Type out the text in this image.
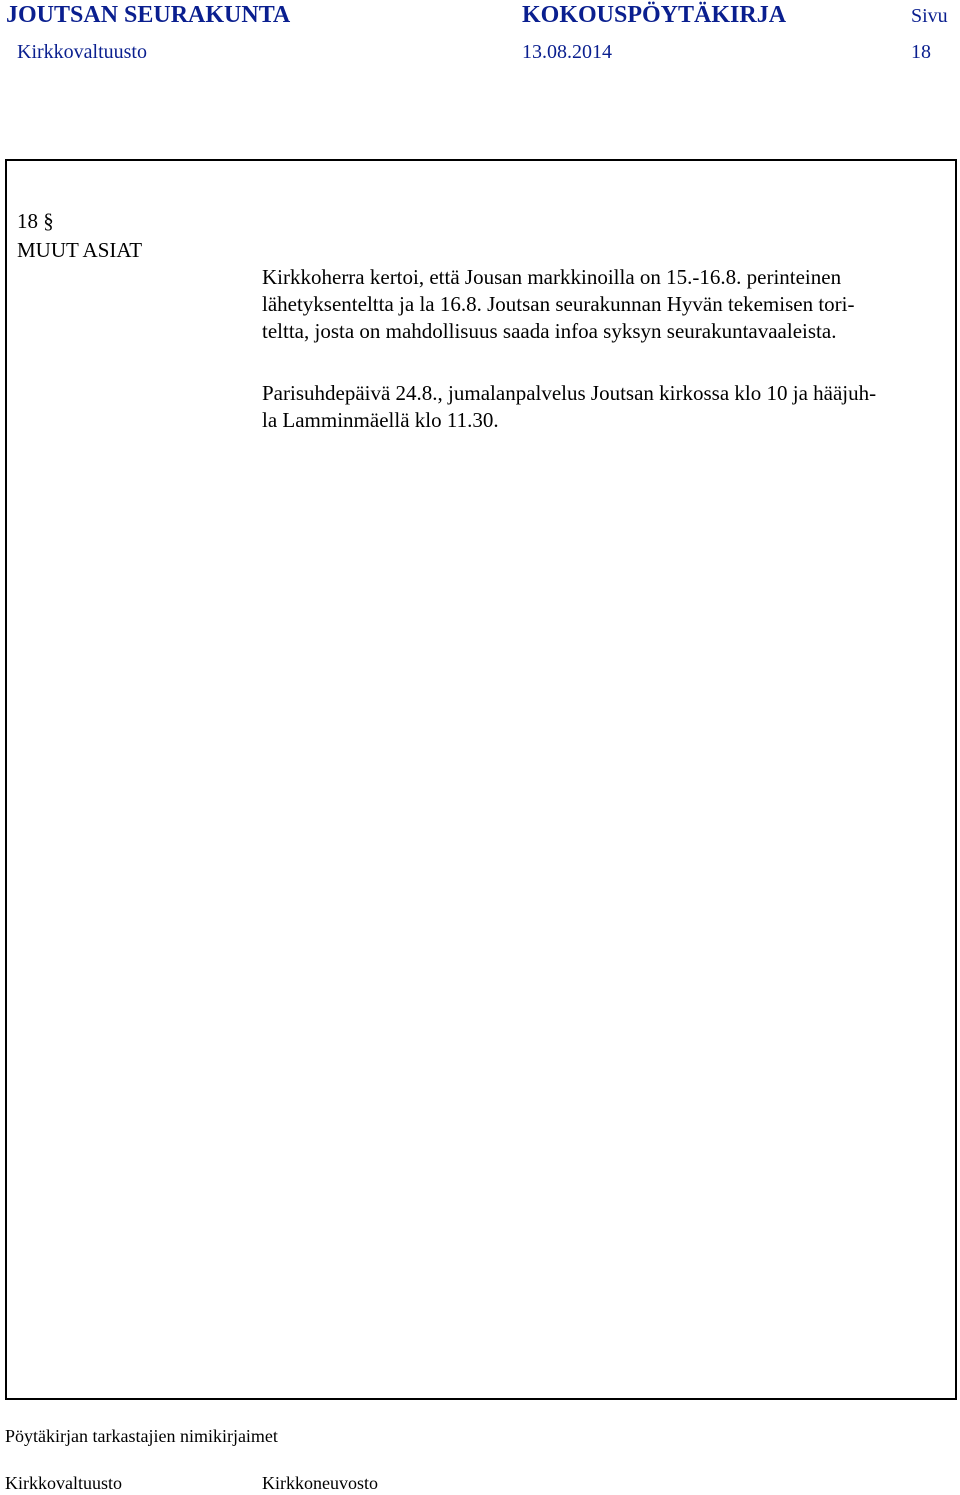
JOUTSAN SEURAKUNTA	KOKOUSPÖYTÄKIRJA	Sivu
Kirkkovaltuusto	13.08.2014	18
18 §
MUUT ASIAT
Kirkkoherra kertoi, että Jousan markkinoilla on 15.-16.8. perinteinen
lähetyksenteltta ja la 16.8. Joutsan seurakunnan Hyvän tekemisen tori-
teltta, josta on mahdollisuus saada infoa syksyn seurakuntavaaleista.
Parisuhdepäivä 24.8., jumalanpalvelus Joutsan kirkossa klo 10 ja hääjuh-
la Lamminmäellä klo 11.30.
Pöytäkirjan tarkastajien nimikirjaimet
Kirkkovaltuusto	Kirkkoneuvosto
